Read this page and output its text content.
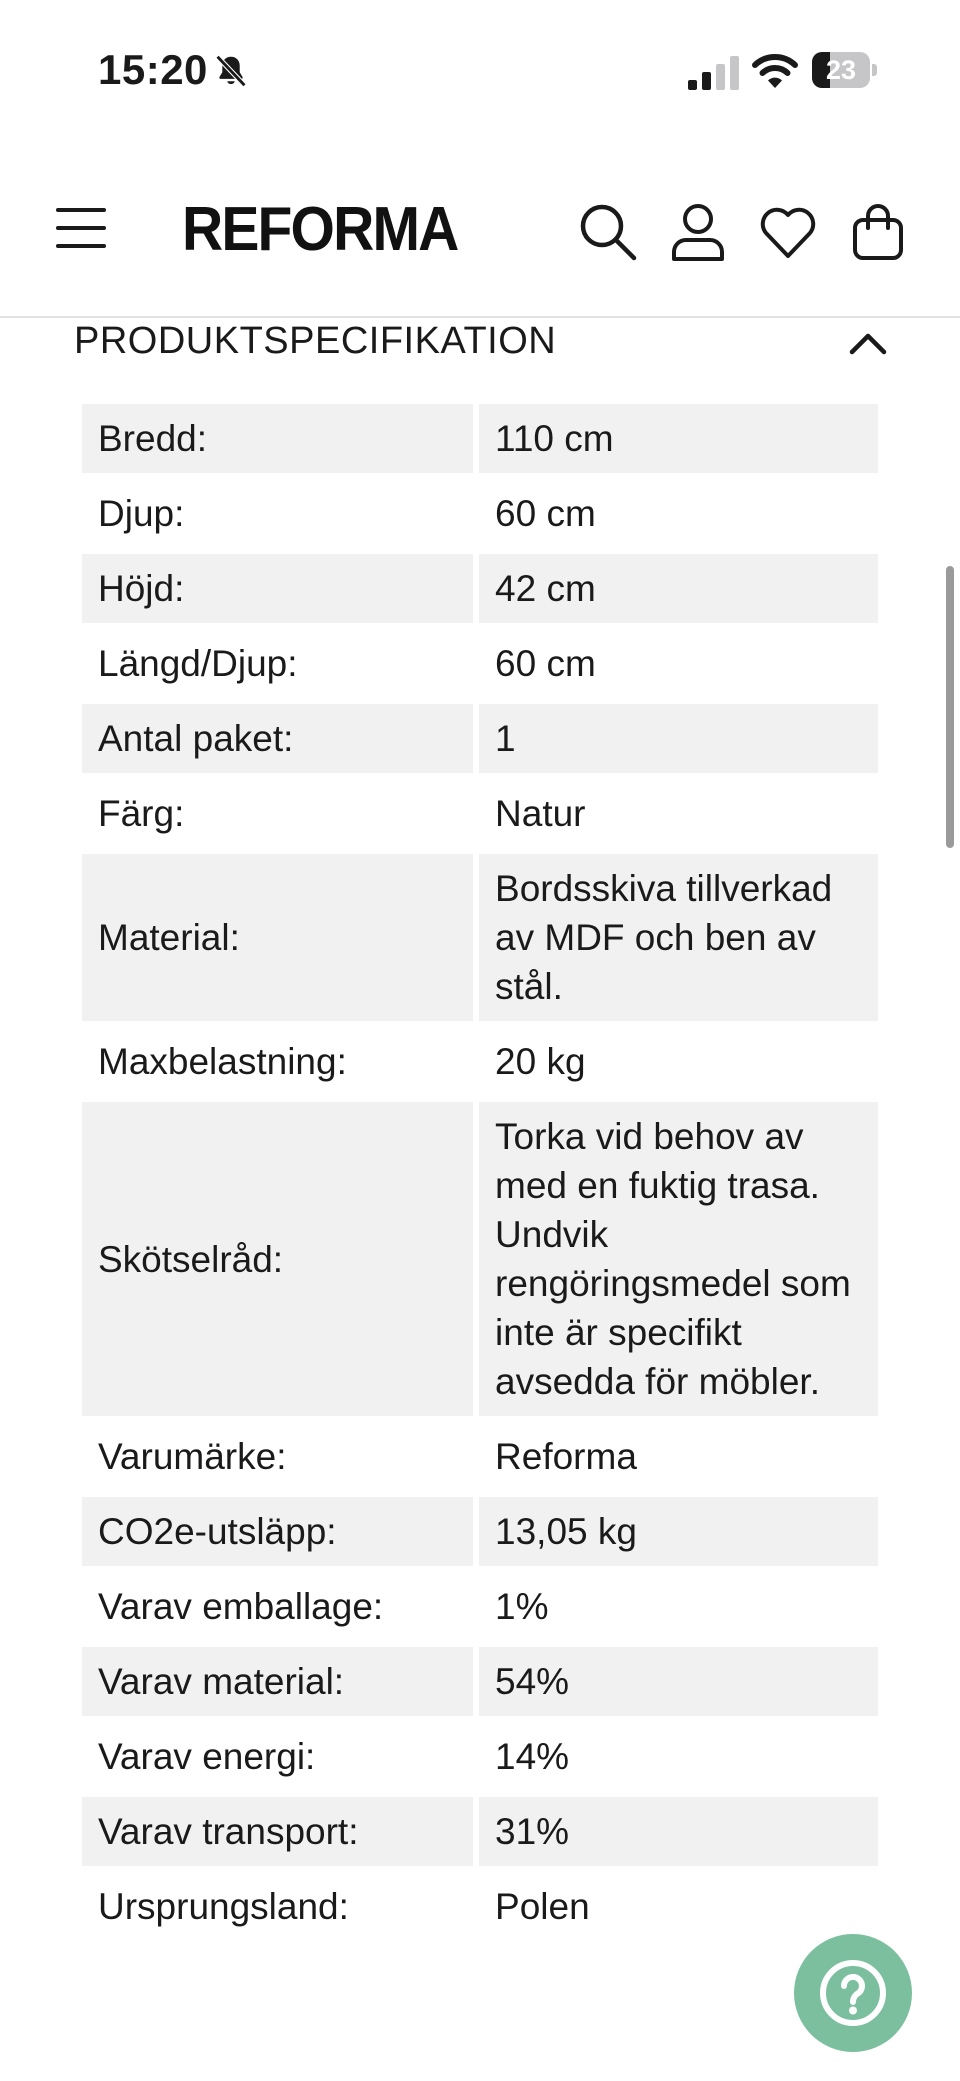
15:20	23
REFORMA
PRODUKTSPECIFIKATION
Bredd:	110 cm
Djup:	60 cm
Höjd:	42 cm
Längd/Djup:	60 cm
Antal paket:	1
Färg:	Natur
Material:
Bordsskiva tillverkad av MDF och ben av stål.
Maxbelastning:	20 kg
Skötselråd:
Torka vid behov av med en fuktig trasa. Undvik rengöringsmedel som inte är specifikt avsedda för möbler.
Varumärke:	Reforma
CO2e-utsläpp:	13,05 kg
Varav emballage:	1%
Varav material:	54%
Varav energi:	14%
Varav transport:	31%
Ursprungsland:	Polen
